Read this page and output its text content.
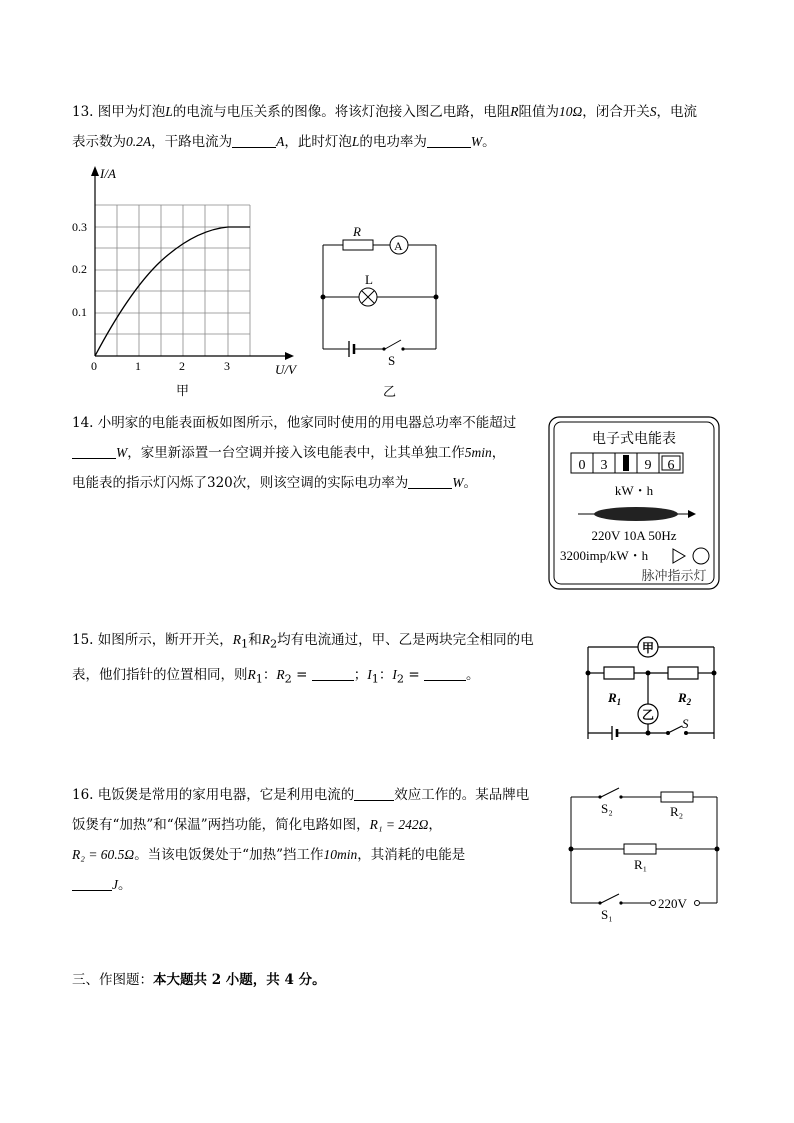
13. 图甲为灯泡L的电流与电压关系的图像。将该灯泡接入图乙电路，电阻R阻值为10Ω，闭合开关S，电流
表示数为0.2A，干路电流为	A，此时灯泡L的电功率为	W。
I/A
0.3
0.2
0.1
0	1	2	3	U/V
甲
R
A
L
S
乙
14. 小明家的电能表面板如图所示，他家同时使用的用电器总功率不能超过
W，家里新添置一台空调并接入该电能表中，让其单独工作5min，
电能表的指示灯闪烁了320次，则该空调的实际电功率为	W。
电子式电能表
0 3	9 6
kW・h
220V 10A 50Hz
3200imp/kW・h
脉冲指示灯
15. 如图所示，断开开关，$R_1$和$R_2$均有电流通过，甲、乙是两块完全相同的电
表，他们指针的位置相同，则$R_1$：$R_2$ =	；$I_1$：$I_2$ =	。
甲
乙
$R_1$	$R_2$
S
16. 电饭煲是常用的家用电器，它是利用电流的	效应工作的。某品牌电
饭煲有“加热”和“保温”两挡功能，简化电路如图，R₁ = 242Ω，
R₂ = 60.5Ω。当该电饭煲处于“加热”挡工作10min，其消耗的电能是
J。
S₂	R₂
R₁
S₁
220V
三、作图题：本大题共 2 小题，共 4 分。
